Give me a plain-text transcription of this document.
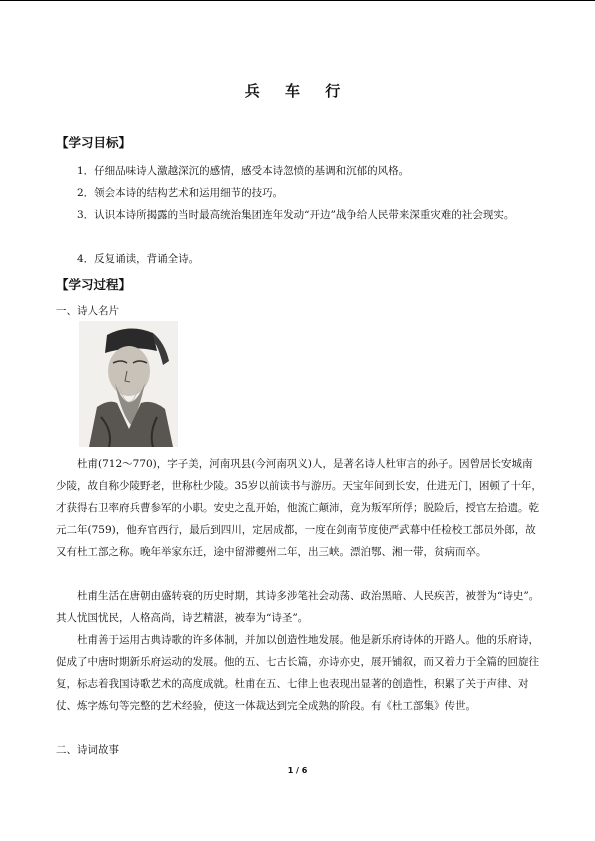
兵 车 行
【学习目标】
1．仔细品味诗人激越深沉的感情，感受本诗忽愤的基调和沉郁的风格。
2．领会本诗的结构艺术和运用细节的技巧。
3．认识本诗所揭露的当时最高统治集团连年发动“开边”战争给人民带来深重灾难的社会现实。
4．反复诵读，背诵全诗。
【学习过程】
一、诗人名片
杜甫(712～770)，字子美，河南巩县(今河南巩义)人，是著名诗人杜审言的孙子。因曾居长安城南少陵，故自称少陵野老，世称杜少陵。35岁以前读书与游历。天宝年间到长安，仕进无门，困顿了十年，才获得右卫率府兵曹参军的小职。安史之乱开始，他流亡颠沛，竟为叛军所俘；脱险后，授官左拾遗。乾元二年(759)，他弃官西行，最后到四川，定居成都，一度在剑南节度使严武幕中任检校工部员外郎，故又有杜工部之称。晚年举家东迁，途中留滞夔州二年，出三峡。漂泊鄂、湘一带，贫病而卒。
杜甫生活在唐朝由盛转衰的历史时期，其诗多涉笔社会动荡、政治黑暗、人民疾苦，被誉为“诗史”。其人忧国忧民，人格高尚，诗艺精湛，被奉为“诗圣”。
杜甫善于运用古典诗歌的许多体制，并加以创造性地发展。他是新乐府诗体的开路人。他的乐府诗，促成了中唐时期新乐府运动的发展。他的五、七古长篇，亦诗亦史，展开铺叙，而又着力于全篇的回旋往复，标志着我国诗歌艺术的高度成就。杜甫在五、七律上也表现出显著的创造性，积累了关于声律、对仗、炼字炼句等完整的艺术经验，使这一体裁达到完全成熟的阶段。有《杜工部集》传世。
二、诗词故事
1 / 6
